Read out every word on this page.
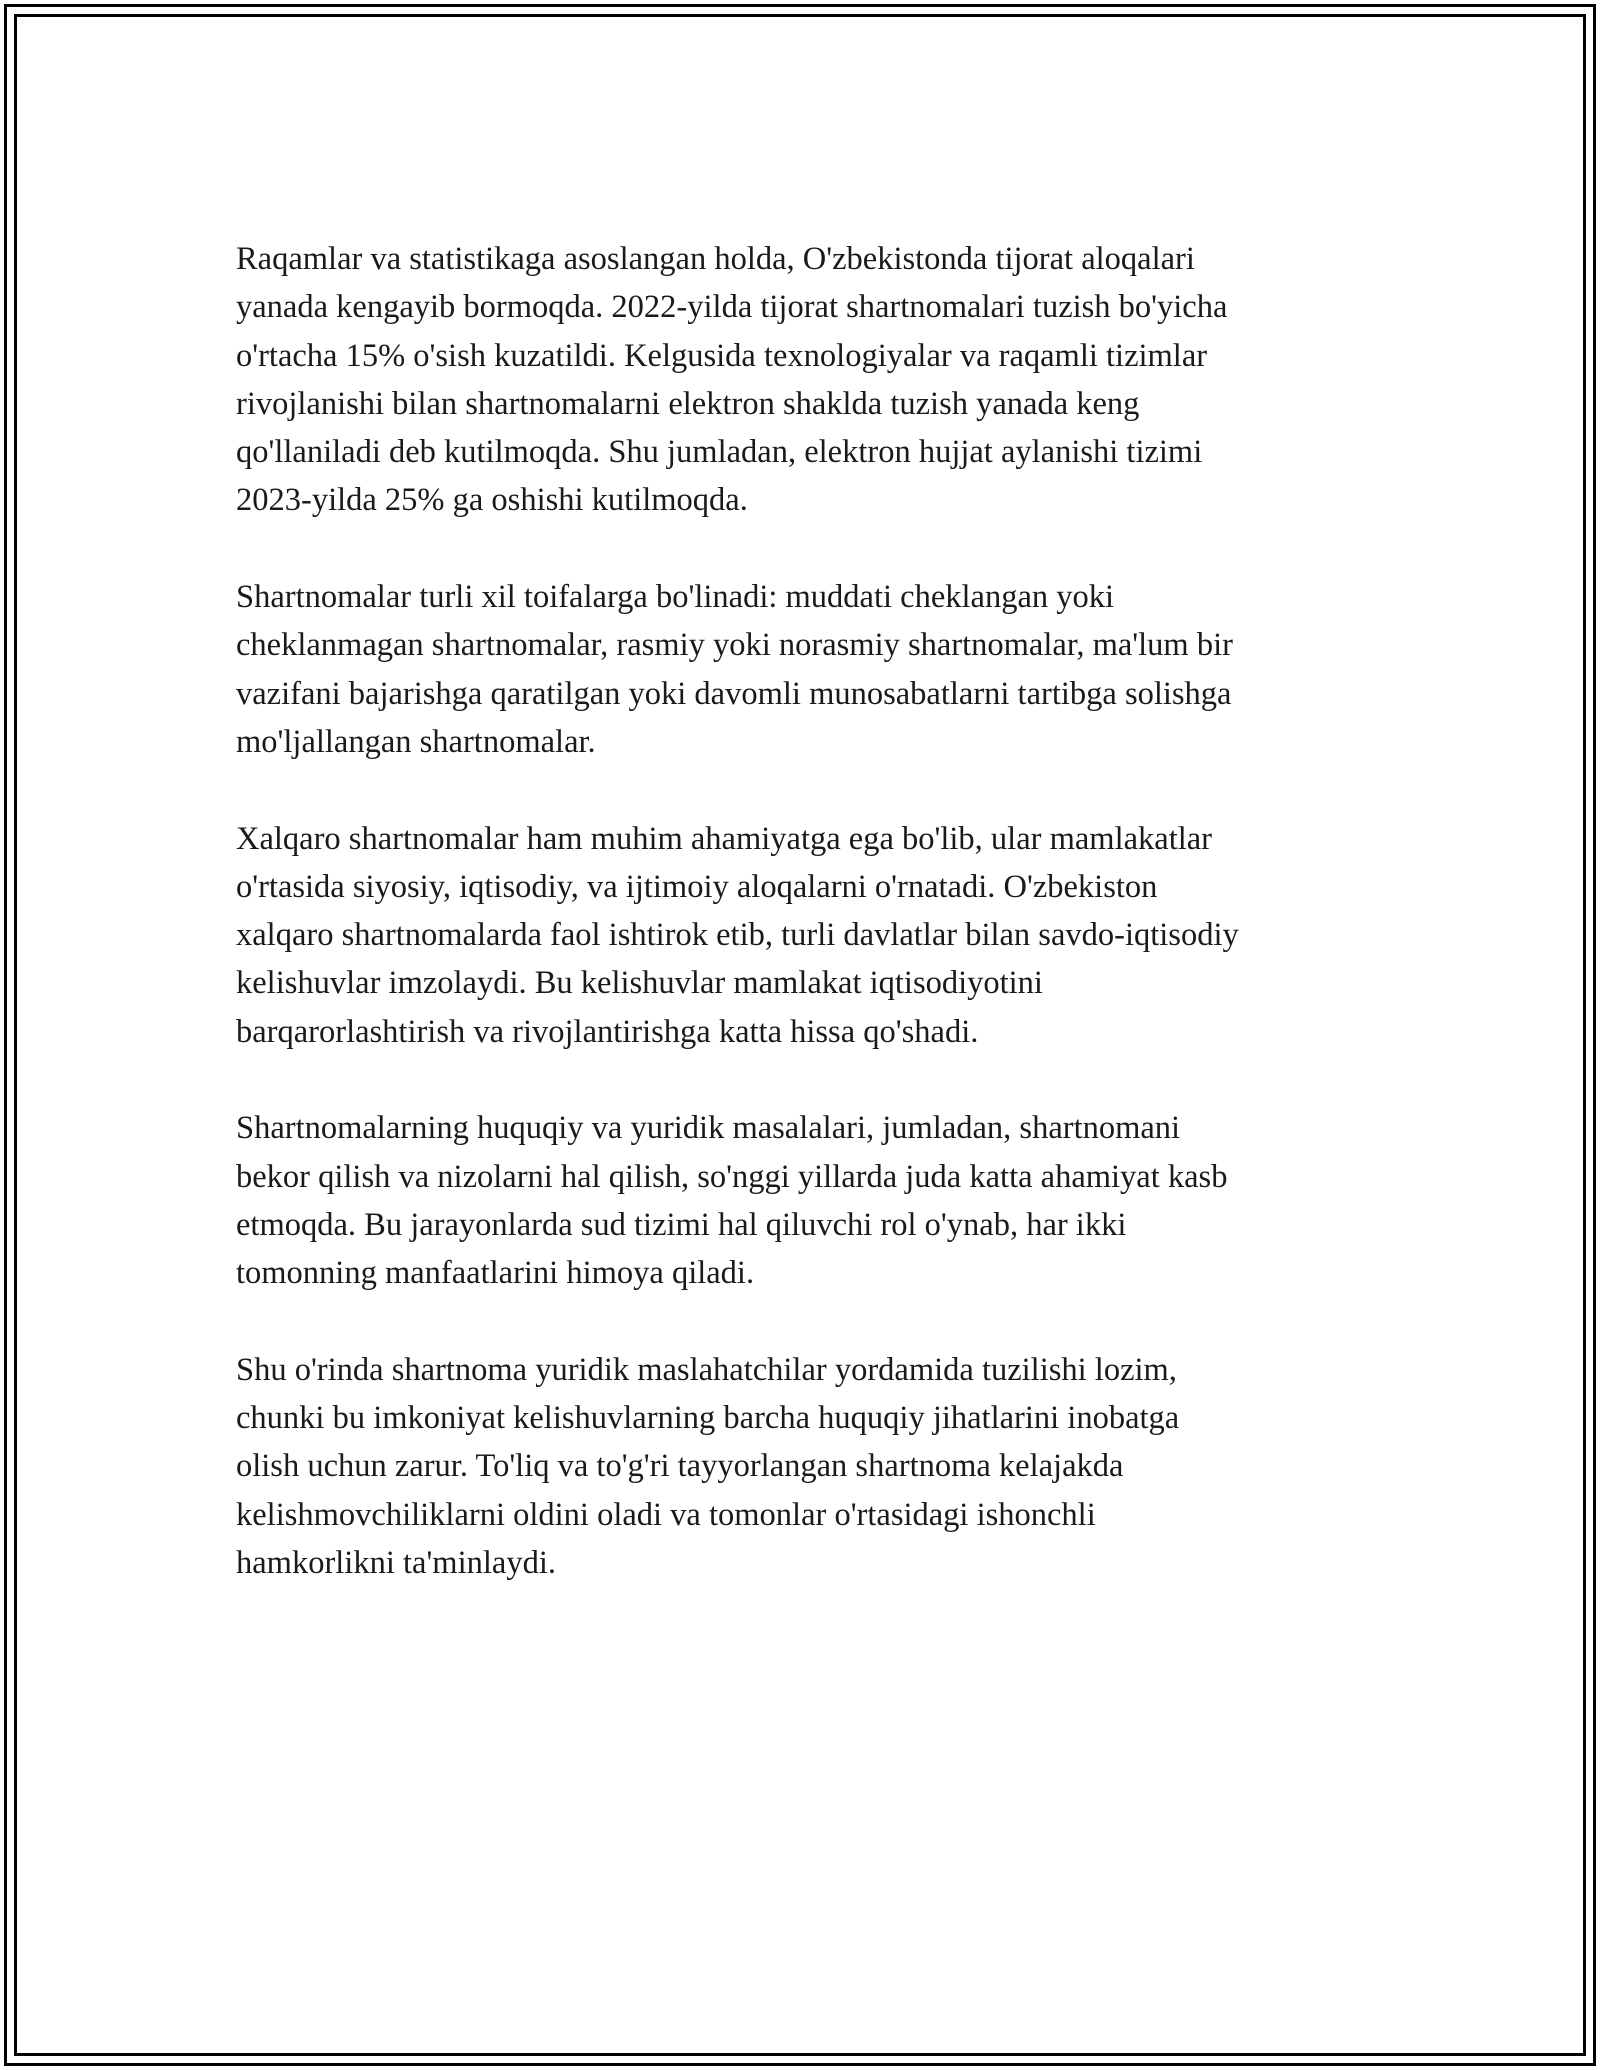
Raqamlar va statistikaga asoslangan holda, O'zbekistonda tijorat aloqalari
yanada kengayib bormoqda. 2022-yilda tijorat shartnomalari tuzish bo'yicha
o'rtacha 15% o'sish kuzatildi. Kelgusida texnologiyalar va raqamli tizimlar
rivojlanishi bilan shartnomalarni elektron shaklda tuzish yanada keng
qo'llaniladi deb kutilmoqda. Shu jumladan, elektron hujjat aylanishi tizimi
2023-yilda 25% ga oshishi kutilmoqda.

Shartnomalar turli xil toifalarga bo'linadi: muddati cheklangan yoki
cheklanmagan shartnomalar, rasmiy yoki norasmiy shartnomalar, ma'lum bir
vazifani bajarishga qaratilgan yoki davomli munosabatlarni tartibga solishga
mo'ljallangan shartnomalar.

Xalqaro shartnomalar ham muhim ahamiyatga ega bo'lib, ular mamlakatlar
o'rtasida siyosiy, iqtisodiy, va ijtimoiy aloqalarni o'rnatadi. O'zbekiston
xalqaro shartnomalarda faol ishtirok etib, turli davlatlar bilan savdo-iqtisodiy
kelishuvlar imzolaydi. Bu kelishuvlar mamlakat iqtisodiyotini
barqarorlashtirish va rivojlantirishga katta hissa qo'shadi.

Shartnomalarning huquqiy va yuridik masalalari, jumladan, shartnomani
bekor qilish va nizolarni hal qilish, so'nggi yillarda juda katta ahamiyat kasb
etmoqda. Bu jarayonlarda sud tizimi hal qiluvchi rol o'ynab, har ikki
tomonning manfaatlarini himoya qiladi.

Shu o'rinda shartnoma yuridik maslahatchilar yordamida tuzilishi lozim,
chunki bu imkoniyat kelishuvlarning barcha huquqiy jihatlarini inobatga
olish uchun zarur. To'liq va to'g'ri tayyorlangan shartnoma kelajakda
kelishmovchiliklarni oldini oladi va tomonlar o'rtasidagi ishonchli
hamkorlikni ta'minlaydi.
